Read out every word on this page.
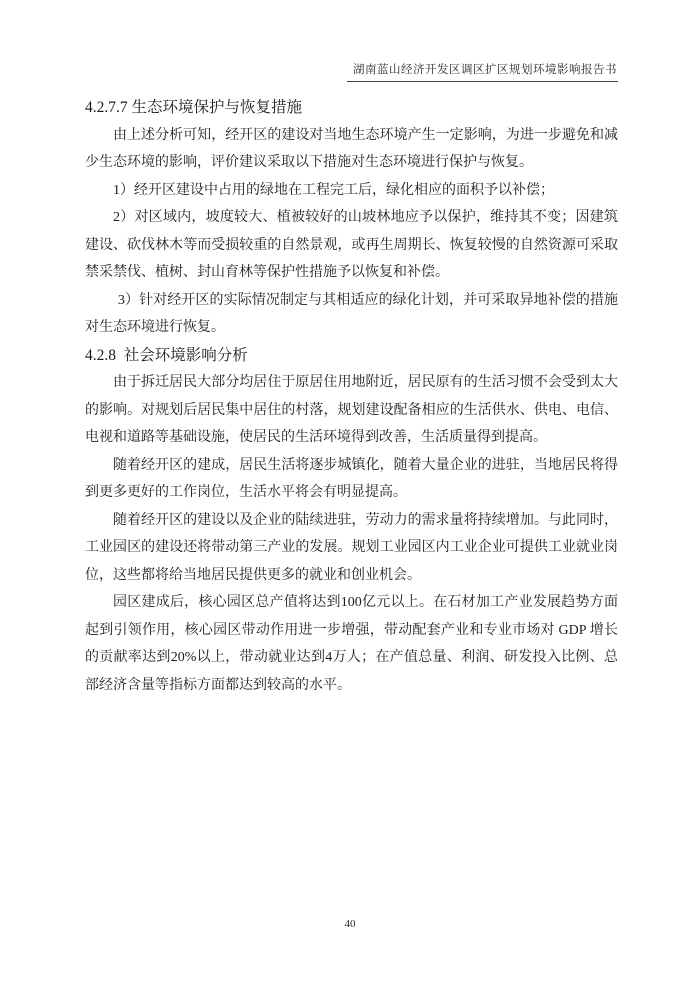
湖南蓝山经济开发区调区扩区规划环境影响报告书
4.2.7.7 生态环境保护与恢复措施

由上述分析可知，经开区的建设对当地生态环境产生一定影响，为进一步避免和减少生态环境的影响，评价建议采取以下措施对生态环境进行保护与恢复。

1）经开区建设中占用的绿地在工程完工后，绿化相应的面积予以补偿；

2）对区域内，坡度较大、植被较好的山坡林地应予以保护，维持其不变；因建筑建设、砍伐林木等而受损较重的自然景观，或再生周期长、恢复较慢的自然资源可采取禁采禁伐、植树、封山育林等保护性措施予以恢复和补偿。

3）针对经开区的实际情况制定与其相适应的绿化计划，并可采取异地补偿的措施对生态环境进行恢复。

4.2.8  社会环境影响分析

由于拆迁居民大部分均居住于原居住用地附近，居民原有的生活习惯不会受到太大的影响。对规划后居民集中居住的村落，规划建设配备相应的生活供水、供电、电信、电视和道路等基础设施，使居民的生活环境得到改善，生活质量得到提高。

随着经开区的建成，居民生活将逐步城镇化，随着大量企业的进驻，当地居民将得到更多更好的工作岗位，生活水平将会有明显提高。

随着经开区的建设以及企业的陆续进驻，劳动力的需求量将持续增加。与此同时，工业园区的建设还将带动第三产业的发展。规划工业园区内工业企业可提供工业就业岗位，这些都将给当地居民提供更多的就业和创业机会。

园区建成后，核心园区总产值将达到100亿元以上。在石材加工产业发展趋势方面起到引领作用，核心园区带动作用进一步增强，带动配套产业和专业市场对 GDP 增长的贡献率达到20%以上，带动就业达到4万人；在产值总量、利润、研发投入比例、总部经济含量等指标方面都达到较高的水平。

40
